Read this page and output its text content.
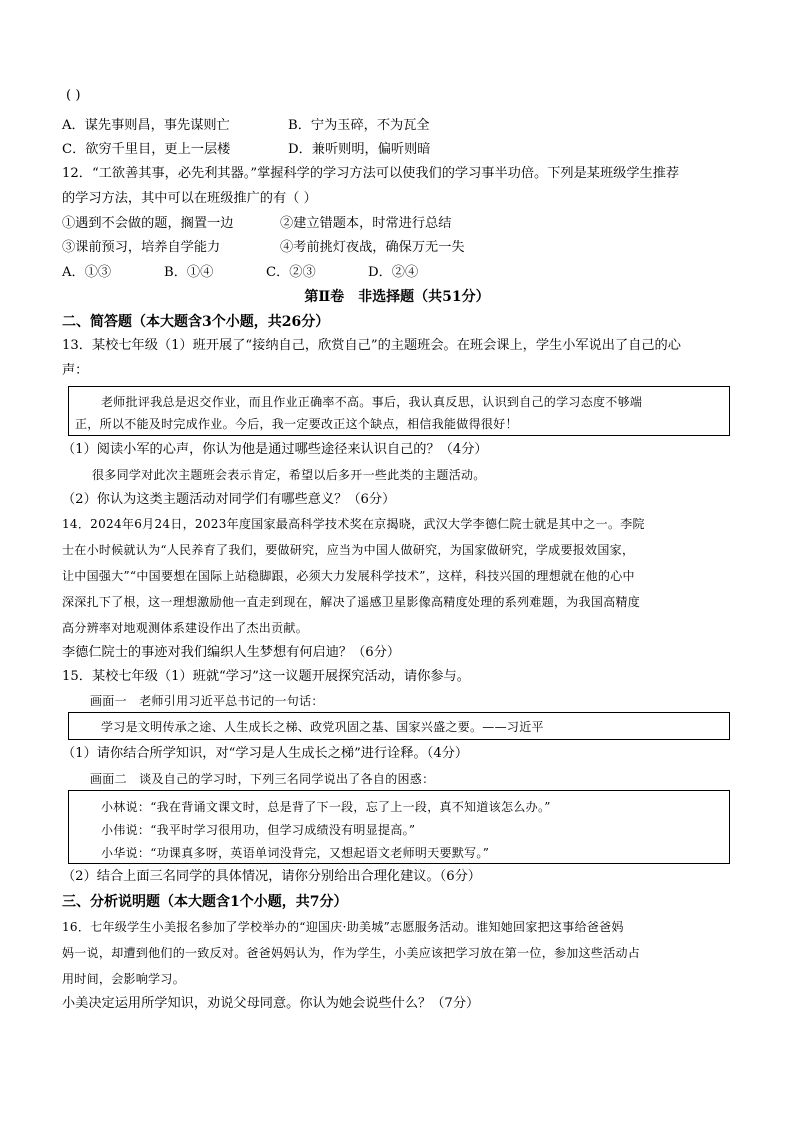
( )
A．谋先事则昌，事先谋则亡	B．宁为玉碎，不为瓦全
C．欲穷千里目，更上一层楼	D．兼听则明，偏听则暗
12．“工欲善其事，必先利其器。”掌握科学的学习方法可以使我们的学习事半功倍。下列是某班级学生推荐
的学习方法，其中可以在班级推广的有（ ）
①遇到不会做的题，搁置一边	②建立错题本，时常进行总结
③课前预习，培养自学能力	④考前挑灯夜战，确保万无一失
A．①③	B．①④	C．②③	D．②④
第Ⅱ卷　非选择题（共51分）
二、简答题（本大题含3个小题，共26分）
13．某校七年级（1）班开展了“接纳自己，欣赏自己”的主题班会。在班会课上，学生小军说出了自己的心
声：
老师批评我总是迟交作业，而且作业正确率不高。事后，我认真反思，认识到自己的学习态度不够端
正，所以不能及时完成作业。今后，我一定要改正这个缺点，相信我能做得很好！
（1）阅读小军的心声，你认为他是通过哪些途径来认识自己的？（4分）
很多同学对此次主题班会表示肯定，希望以后多开一些此类的主题活动。
（2）你认为这类主题活动对同学们有哪些意义？（6分）
14．2024年6月24日，2023年度国家最高科学技术奖在京揭晓，武汉大学李德仁院士就是其中之一。李院
士在小时候就认为“人民养育了我们，要做研究，应当为中国人做研究，为国家做研究，学成要报效国家，
让中国强大”“中国要想在国际上站稳脚跟，必须大力发展科学技术”，这样，科技兴国的理想就在他的心中
深深扎下了根，这一理想激励他一直走到现在，解决了遥感卫星影像高精度处理的系列难题，为我国高精度
高分辨率对地观测体系建设作出了杰出贡献。
李德仁院士的事迹对我们编织人生梦想有何启迪？（6分）
15．某校七年级（1）班就“学习”这一议题开展探究活动，请你参与。
画面一　老师引用习近平总书记的一句话：
学习是文明传承之途、人生成长之梯、政党巩固之基、国家兴盛之要。——习近平
（1）请你结合所学知识，对“学习是人生成长之梯”进行诠释。（4分）
画面二　谈及自己的学习时，下列三名同学说出了各自的困惑：
小林说：“我在背诵文课文时，总是背了下一段，忘了上一段，真不知道该怎么办。”
小伟说：“我平时学习很用功，但学习成绩没有明显提高。”
小华说：“功课真多呀，英语单词没背完，又想起语文老师明天要默写。”
（2）结合上面三名同学的具体情况，请你分别给出合理化建议。（6分）
三、分析说明题（本大题含1个小题，共7分）
16．七年级学生小美报名参加了学校举办的“迎国庆·助美城”志愿服务活动。谁知她回家把这事给爸爸妈
妈一说，却遭到他们的一致反对。爸爸妈妈认为，作为学生，小美应该把学习放在第一位，参加这些活动占
用时间，会影响学习。
小美决定运用所学知识，劝说父母同意。你认为她会说些什么？（7分）
